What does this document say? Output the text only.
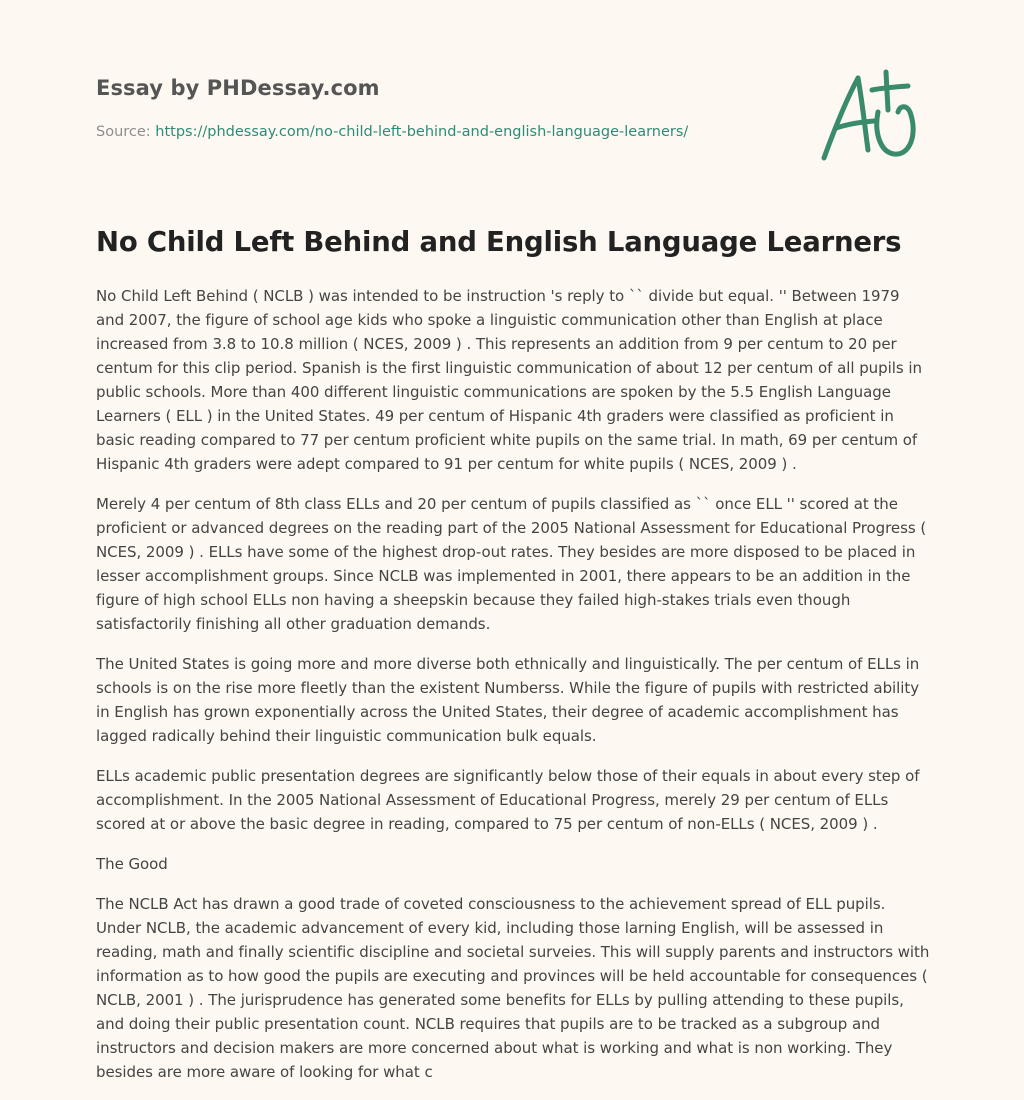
Essay by PHDessay.com
Source: https://phdessay.com/no-child-left-behind-and-english-language-learners/
No Child Left Behind and English Language Learners

No Child Left Behind ( NCLB ) was intended to be instruction 's reply to `` divide but equal. '' Between 1979 and 2007, the figure of school age kids who spoke a linguistic communication other than English at place increased from 3.8 to 10.8 million ( NCES, 2009 ) . This represents an addition from 9 per centum to 20 per centum for this clip period. Spanish is the first linguistic communication of about 12 per centum of all pupils in public schools. More than 400 different linguistic communications are spoken by the 5.5 English Language Learners ( ELL ) in the United States. 49 per centum of Hispanic 4th graders were classified as proficient in basic reading compared to 77 per centum proficient white pupils on the same trial. In math, 69 per centum of Hispanic 4th graders were adept compared to 91 per centum for white pupils ( NCES, 2009 ) .

Merely 4 per centum of 8th class ELLs and 20 per centum of pupils classified as `` once ELL '' scored at the proficient or advanced degrees on the reading part of the 2005 National Assessment for Educational Progress ( NCES, 2009 ) . ELLs have some of the highest drop-out rates. They besides are more disposed to be placed in lesser accomplishment groups. Since NCLB was implemented in 2001, there appears to be an addition in the figure of high school ELLs non having a sheepskin because they failed high-stakes trials even though satisfactorily finishing all other graduation demands.

The United States is going more and more diverse both ethnically and linguistically. The per centum of ELLs in schools is on the rise more fleetly than the existent Numberss. While the figure of pupils with restricted ability in English has grown exponentially across the United States, their degree of academic accomplishment has lagged radically behind their linguistic communication bulk equals.

ELLs academic public presentation degrees are significantly below those of their equals in about every step of accomplishment. In the 2005 National Assessment of Educational Progress, merely 29 per centum of ELLs scored at or above the basic degree in reading, compared to 75 per centum of non-ELLs ( NCES, 2009 ) .

The Good

The NCLB Act has drawn a good trade of coveted consciousness to the achievement spread of ELL pupils. Under NCLB, the academic advancement of every kid, including those larning English, will be assessed in reading, math and finally scientific discipline and societal surveies. This will supply parents and instructors with information as to how good the pupils are executing and provinces will be held accountable for consequences ( NCLB, 2001 ) . The jurisprudence has generated some benefits for ELLs by pulling attending to these pupils, and doing their public presentation count. NCLB requires that pupils are to be tracked as a subgroup and instructors and decision makers are more concerned about what is working and what is non working. They besides are more aware of looking for what c
